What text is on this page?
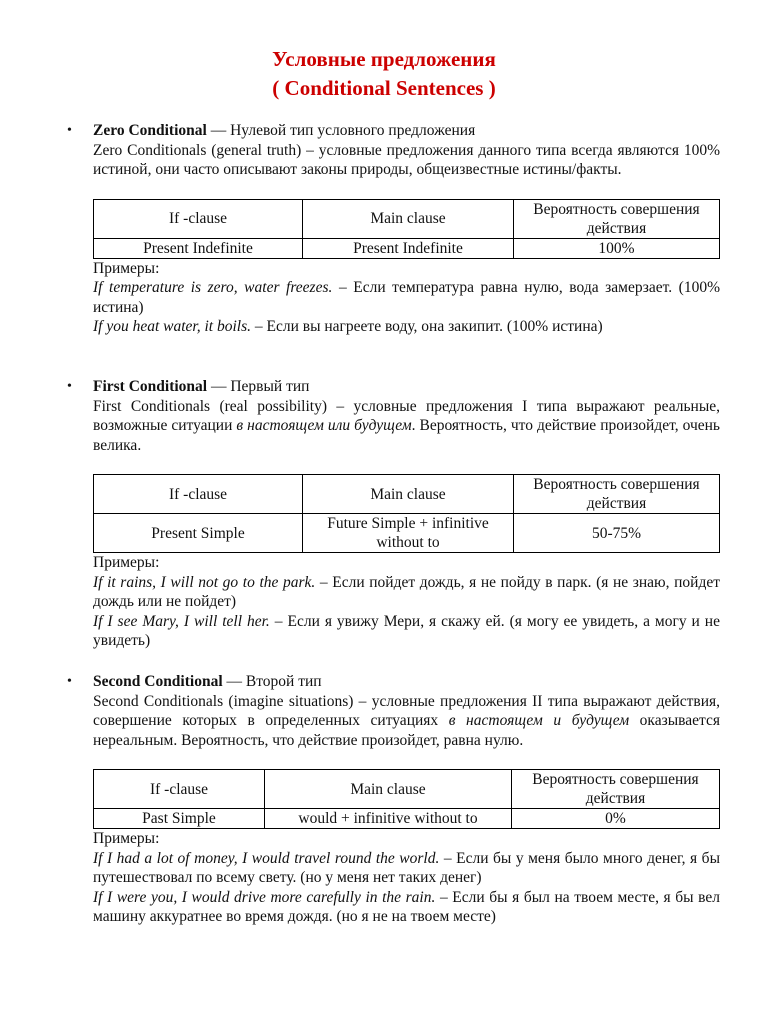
Условные предложения
( Conditional Sentences )
• Zero Conditional — Нулевой тип условного предложения
Zero Conditionals (general truth) – условные предложения данного типа всегда являются 100% истиной, они часто описывают законы природы, общеизвестные истины/факты.
If -clause	Main clause	Вероятность совершения действия
Present Indefinite	Present Indefinite	100%
Примеры:

If temperature is zero, water freezes. – Если температура равна нулю, вода замерзает. (100% истина)

If you heat water, it boils. – Если вы нагреете воду, она закипит. (100% истина)

• First Conditional — Первый тип
First Conditionals (real possibility) – условные предложения I типа выражают реальные, возможные ситуации в настоящем или будущем. Вероятность, что действие произойдет, очень велика.
If -clause	Main clause	Вероятность совершения действия
Present Simple	Future Simple + infinitive without to	50-75%
Примеры:

If it rains, I will not go to the park. – Если пойдет дождь, я не пойду в парк. (я не знаю, пойдет дождь или не пойдет)

If I see Mary, I will tell her. – Если я увижу Мери, я скажу ей. (я могу ее увидеть, а могу и не увидеть)

• Second Conditional — Второй тип
Second Conditionals (imagine situations) – условные предложения II типа выражают действия, совершение которых в определенных ситуациях в настоящем и будущем оказывается нереальным. Вероятность, что действие произойдет, равна нулю.
If -clause	Main clause	Вероятность совершения действия
Past Simple	would + infinitive without to	0%
Примеры:

If I had a lot of money, I would travel round the world. – Если бы у меня было много денег, я бы путешествовал по всему свету. (но у меня нет таких денег)

If I were you, I would drive more carefully in the rain. – Если бы я был на твоем месте, я бы вел машину аккуратнее во время дождя. (но я не на твоем месте)
